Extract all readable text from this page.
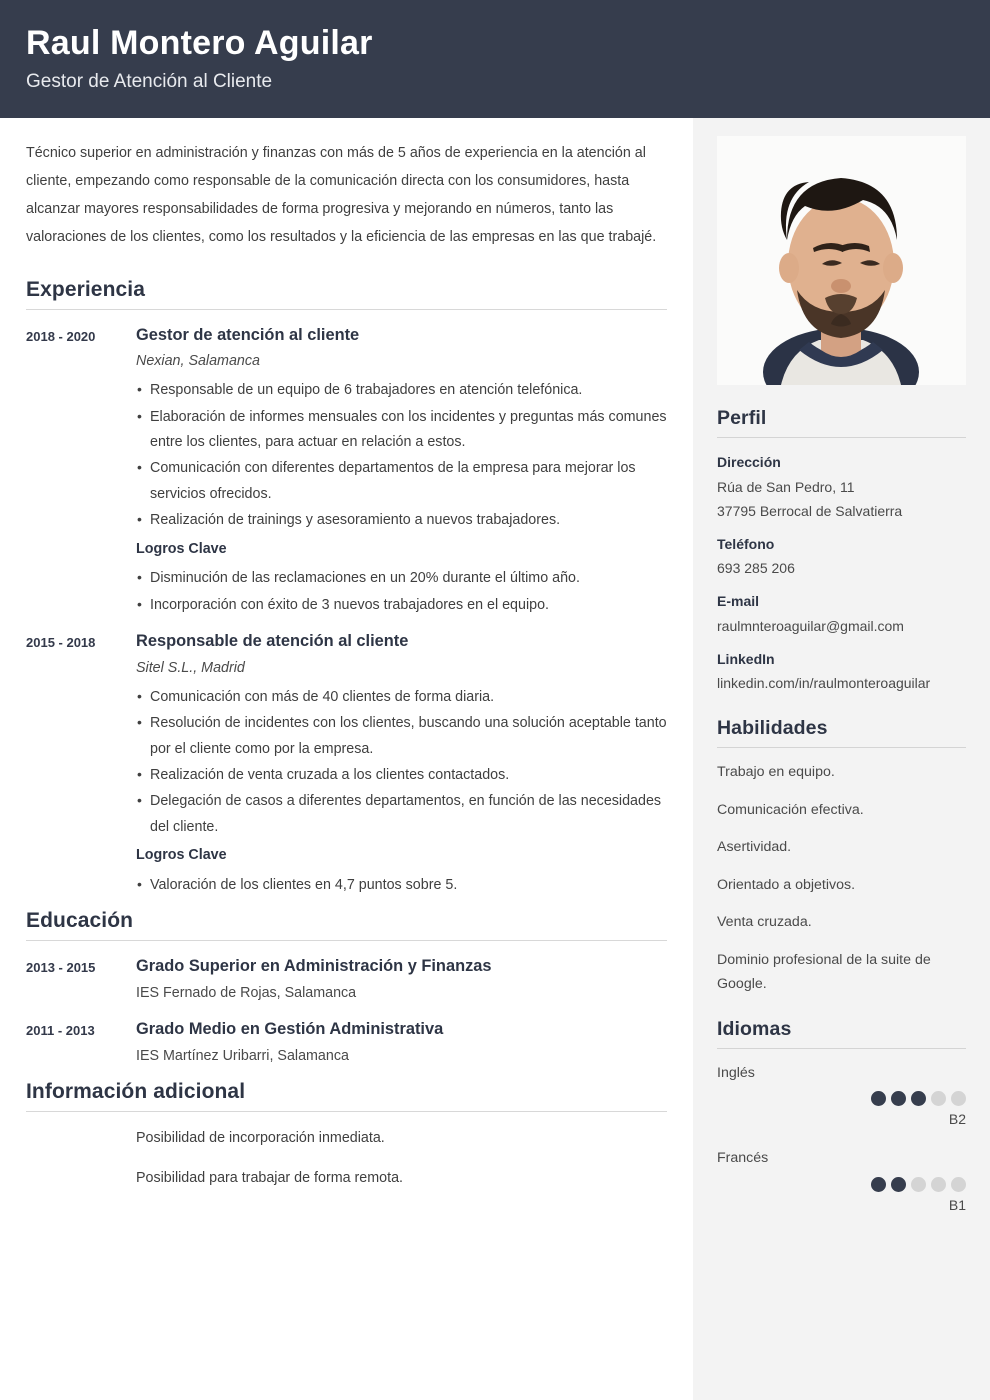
Raul Montero Aguilar
Gestor de Atención al Cliente
Técnico superior en administración y finanzas con más de 5 años de experiencia en la atención al cliente, empezando como responsable de la comunicación directa con los consumidores, hasta alcanzar mayores responsabilidades de forma progresiva y mejorando en números, tanto las valoraciones de los clientes, como los resultados y la eficiencia de las empresas en las que trabajé.
Experiencia
2018 - 2020	Gestor de atención al cliente
Nexian, Salamanca
• Responsable de un equipo de 6 trabajadores en atención telefónica.
• Elaboración de informes mensuales con los incidentes y preguntas más comunes entre los clientes, para actuar en relación a estos.
• Comunicación con diferentes departamentos de la empresa para mejorar los servicios ofrecidos.
• Realización de trainings y asesoramiento a nuevos trabajadores.
Logros Clave
• Disminución de las reclamaciones en un 20% durante el último año.
• Incorporación con éxito de 3 nuevos trabajadores en el equipo.
2015 - 2018	Responsable de atención al cliente
Sitel S.L., Madrid
• Comunicación con más de 40 clientes de forma diaria.
• Resolución de incidentes con los clientes, buscando una solución aceptable tanto por el cliente como por la empresa.
• Realización de venta cruzada a los clientes contactados.
• Delegación de casos a diferentes departamentos, en función de las necesidades del cliente.
Logros Clave
• Valoración de los clientes en 4,7 puntos sobre 5.
Educación
2013 - 2015	Grado Superior en Administración y Finanzas
IES Fernado de Rojas, Salamanca
2011 - 2013	Grado Medio en Gestión Administrativa
IES Martínez Uribarri, Salamanca
Información adicional
Posibilidad de incorporación inmediata.
Posibilidad para trabajar de forma remota.
Perfil
Dirección
Rúa de San Pedro, 11
37795 Berrocal de Salvatierra
Teléfono
693 285 206
E-mail
raulmnteroaguilar@gmail.com
LinkedIn
linkedin.com/in/raulmonteroaguilar
Habilidades
Trabajo en equipo.
Comunicación efectiva.
Asertividad.
Orientado a objetivos.
Venta cruzada.
Dominio profesional de la suite de Google.
Idiomas
Inglés
B2
Francés
B1
